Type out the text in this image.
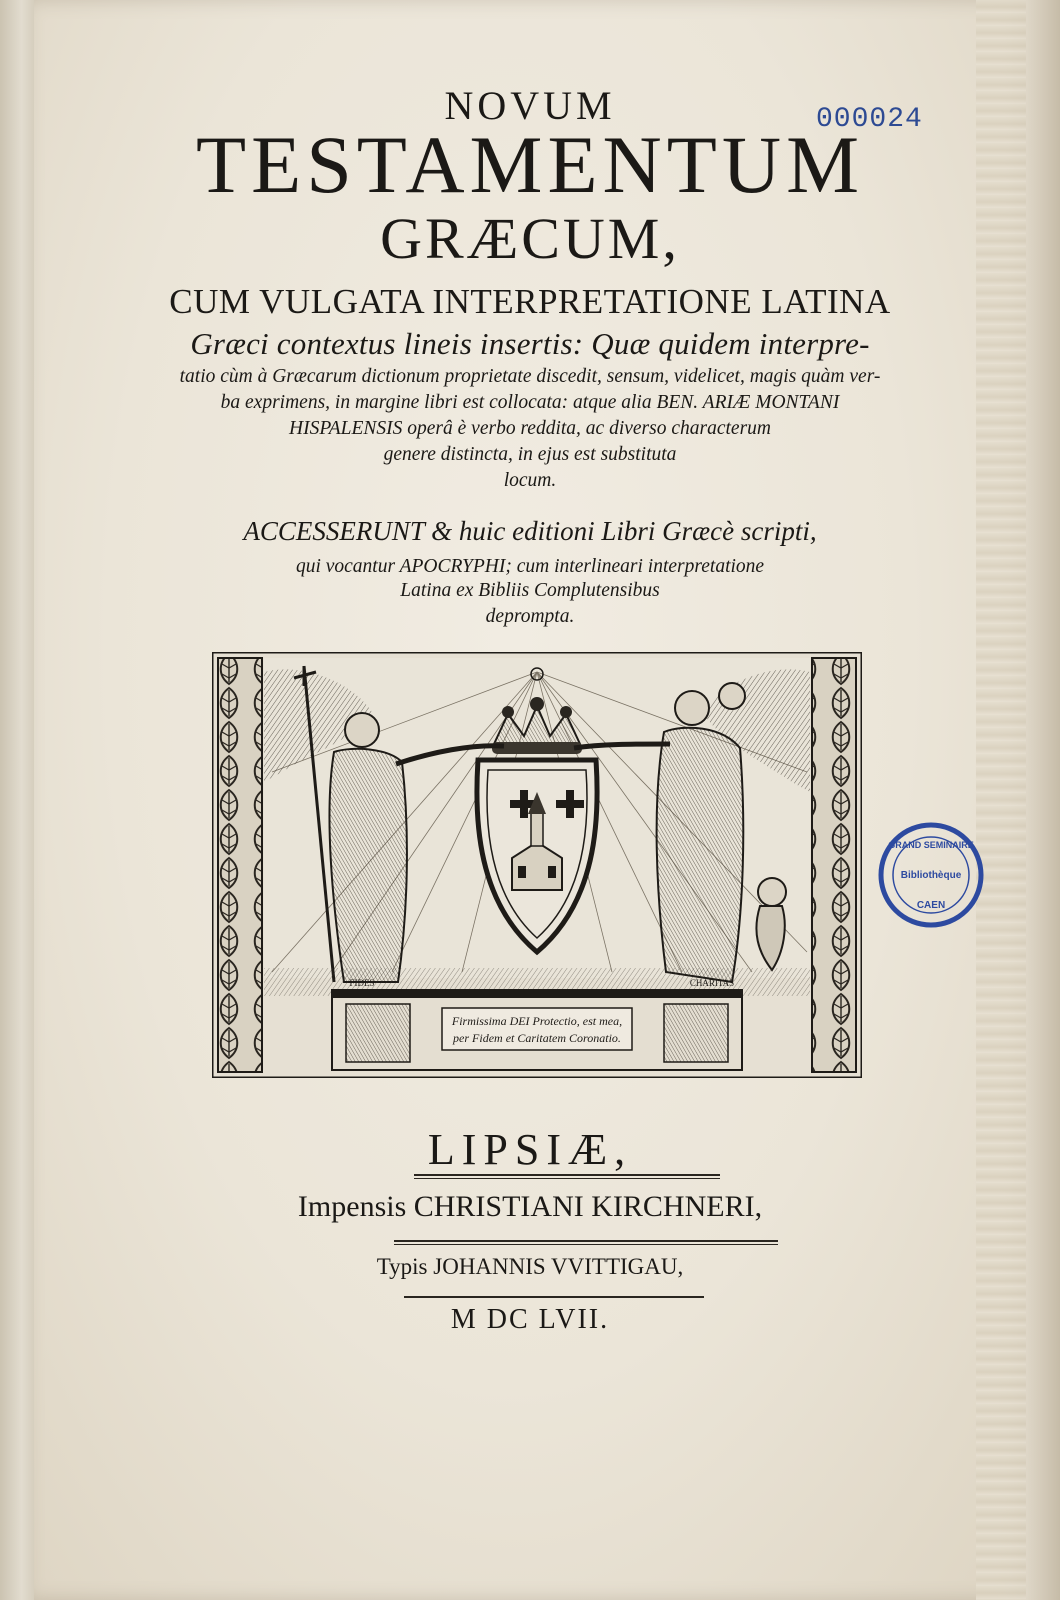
NOVUM
TESTAMENTUM
GRÆCUM,
CUM VULGATA INTERPRETATIONE LATINA
Græci contextus lineis insertis: Quæ quidem interpre-
tatio cùm à Græcarum dictionum proprietate discedit, sensum, videlicet, magis quàm ver-
ba exprimens, in margine libri est collocata: atque alia BEN. ARIÆ MONTANI
HISPALENSIS operâ è verbo reddita, ac diverso characterum
genere distincta, in ejus est substituta
locum.
ACCESSERUNT & huic editioni Libri Græcè scripti,
qui vocantur APOCRYPHI; cum interlineari interpretatione
Latina ex Bibliis Complutensibus
deprompta.
000024
FIDES	CHARITAS
Firmissima DEI Protectio, est mea,
per Fidem et Caritatem Coronatio.
GRAND SEMINAIRE
Bibliothèque
CAEN
LIPSIÆ,
Impensis CHRISTIANI KIRCHNERI,
Typis JOHANNIS VVITTIGAU,
M DC LVII.
